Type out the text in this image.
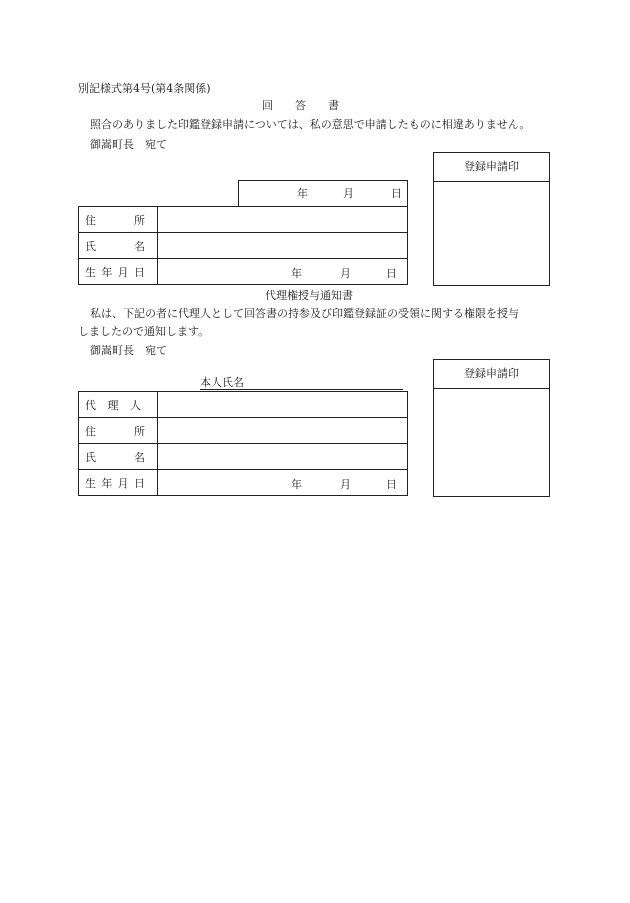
別記様式第4号(第4条関係)
回　　答　　書
照合のありました印鑑登録申請については、私の意思で申請したものに相違ありません。
御嵩町長　宛て
年	月	日
住 所	

氏 名	

生 年 月 日	年 月 日
登録申請印
代理権授与通知書
私は、下記の者に代理人として回答書の持参及び印鑑登録証の受領に関する権限を授与
しましたので通知します。
御嵩町長　宛て
本人氏名
代 理 人	

住 所	

氏 名	

生 年 月 日	年 月 日
登録申請印
